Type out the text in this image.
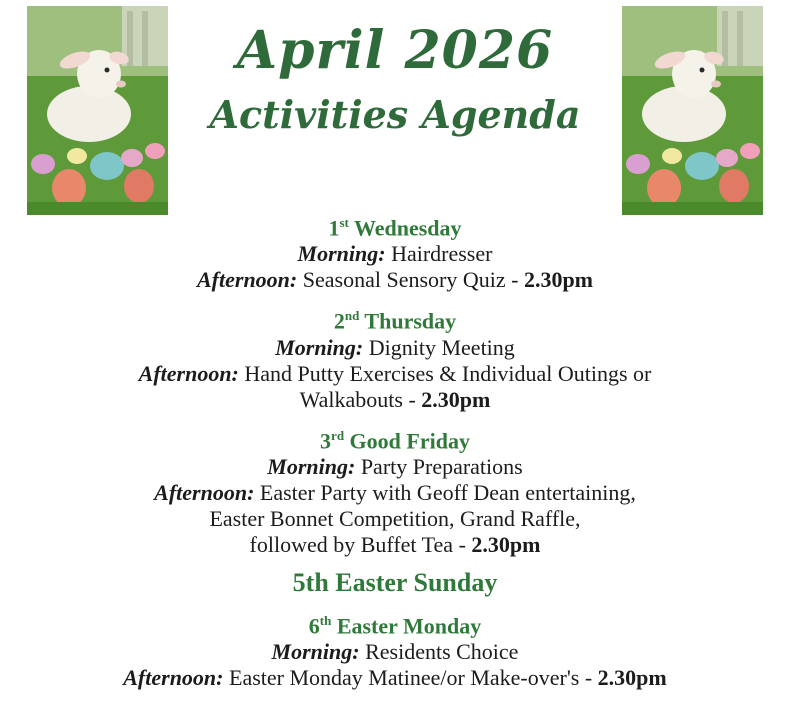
April 2026
Activities Agenda
1st Wednesday
Morning: Hairdresser
Afternoon: Seasonal Sensory Quiz - 2.30pm
2nd Thursday
Morning: Dignity Meeting
Afternoon: Hand Putty Exercises & Individual Outings or
Walkabouts - 2.30pm
3rd Good Friday
Morning: Party Preparations
Afternoon: Easter Party with Geoff Dean entertaining,
Easter Bonnet Competition, Grand Raffle,
followed by Buffet Tea - 2.30pm
5th Easter Sunday
6th Easter Monday
Morning: Residents Choice
Afternoon: Easter Monday Matinee/or Make-over's - 2.30pm
